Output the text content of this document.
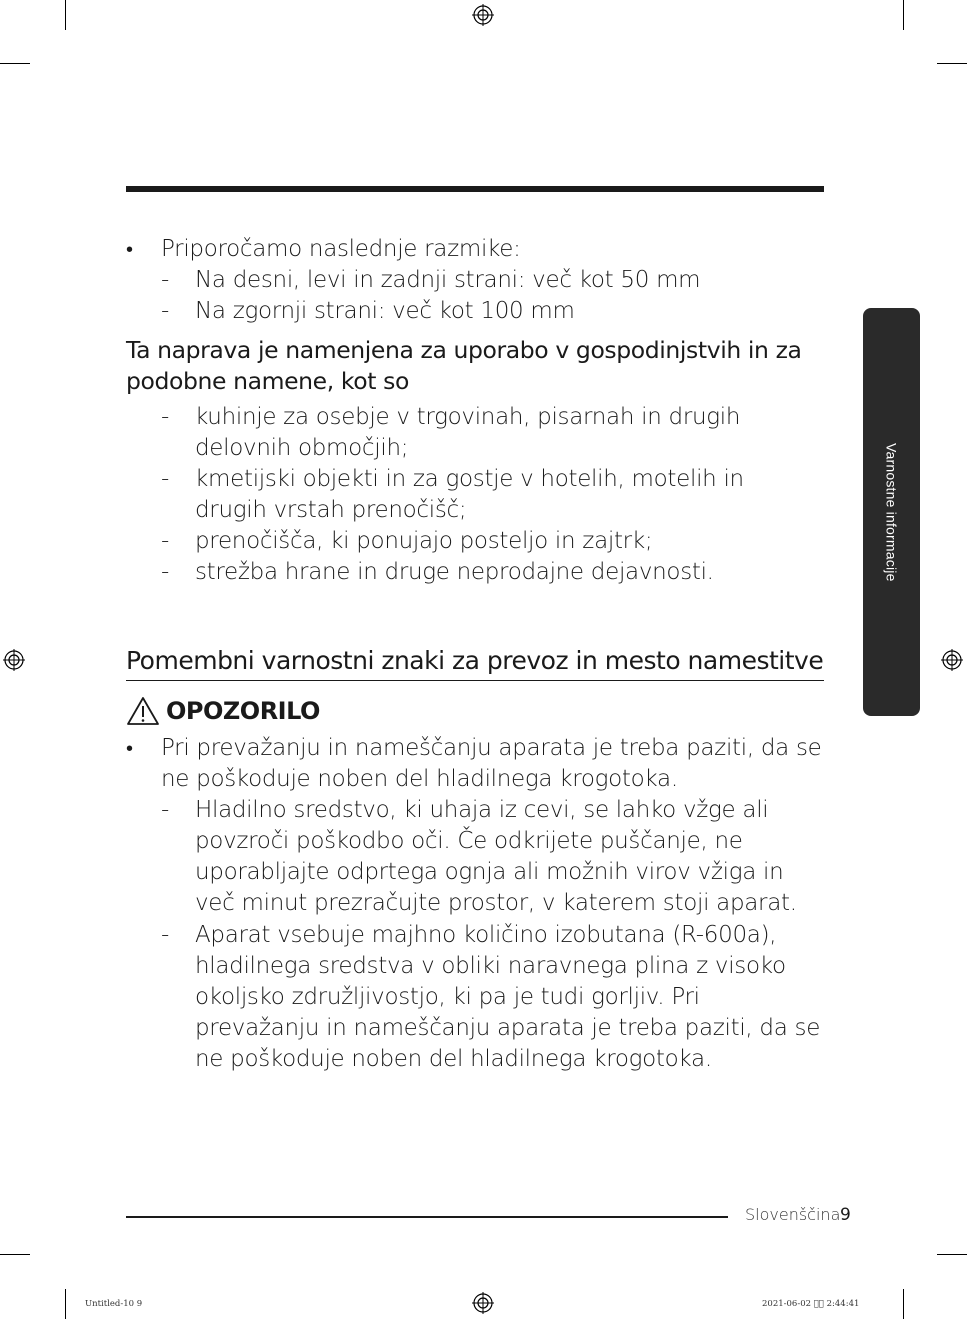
• Priporočamo naslednje razmike:
- Na desni, levi in zadnji strani: več kot 50 mm
- Na zgornji strani: več kot 100 mm
Ta naprava je namenjena za uporabo v gospodinjstvih in za
podobne namene, kot so
- kuhinje za osebje v trgovinah, pisarnah in drugih
delovnih območjih;
- kmetijski objekti in za gostje v hotelih, motelih in
drugih vrstah prenočišč;
- prenočišča, ki ponujajo posteljo in zajtrk;
- strežba hrane in druge neprodajne dejavnosti.
Pomembni varnostni znaki za prevoz in mesto namestitve
OPOZORILO
• Pri prevažanju in nameščanju aparata je treba paziti, da se
ne poškoduje noben del hladilnega krogotoka.
- Hladilno sredstvo, ki uhaja iz cevi, se lahko vžge ali
povzroči poškodbo oči. Če odkrijete puščanje, ne
uporabljajte odprtega ognja ali možnih virov vžiga in
več minut prezračujte prostor, v katerem stoji aparat.
- Aparat vsebuje majhno količino izobutana (R-600a),
hladilnega sredstva v obliki naravnega plina z visoko
okoljsko združljivostjo, ki pa je tudi gorljiv. Pri
prevažanju in nameščanju aparata je treba paziti, da se
ne poškoduje noben del hladilnega krogotoka.
Varnostne informacije
Slovenščina 9
Untitled-10 9	2021-06-02 ￿￿ 2:44:41
